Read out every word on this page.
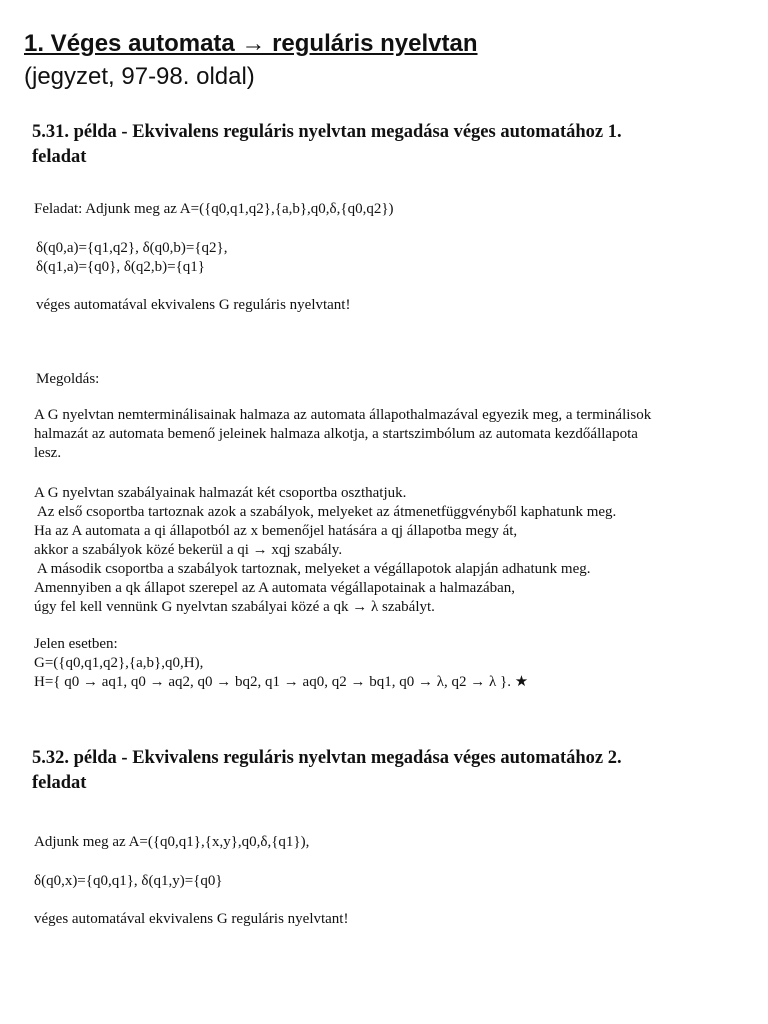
1. Véges automata → reguláris nyelvtan
(jegyzet, 97-98. oldal)
5.31. példa - Ekvivalens reguláris nyelvtan megadása véges automatához 1.
feladat
Feladat: Adjunk meg az A=({q0,q1,q2},{a,b},q0,δ,{q0,q2})
δ(q0,a)={q1,q2}, δ(q0,b)={q2},
δ(q1,a)={q0}, δ(q2,b)={q1}
véges automatával ekvivalens G reguláris nyelvtant!
Megoldás:
A G nyelvtan nemterminálisainak halmaza az automata állapothalmazával egyezik meg, a terminálisok
halmazát az automata bemenő jeleinek halmaza alkotja, a startszimbólum az automata kezdőállapota
lesz.
A G nyelvtan szabályainak halmazát két csoportba oszthatjuk.
Az első csoportba tartoznak azok a szabályok, melyeket az átmenetfüggvényből kaphatunk meg.
Ha az A automata a qi állapotból az x bemenőjel hatására a qj állapotba megy át,
akkor a szabályok közé bekerül a qi → xqj szabály.
A második csoportba a szabályok tartoznak, melyeket a végállapotok alapján adhatunk meg.
Amennyiben a qk állapot szerepel az A automata végállapotainak a halmazában,
úgy fel kell vennünk G nyelvtan szabályai közé a qk → λ szabályt.
Jelen esetben:
G=({q0,q1,q2},{a,b},q0,H),
H={ q0 → aq1, q0 → aq2, q0 → bq2, q1 → aq0, q2 → bq1, q0 → λ, q2 → λ }. ★
5.32. példa - Ekvivalens reguláris nyelvtan megadása véges automatához 2.
feladat
Adjunk meg az A=({q0,q1},{x,y},q0,δ,{q1}),
δ(q0,x)={q0,q1}, δ(q1,y)={q0}
véges automatával ekvivalens G reguláris nyelvtant!
